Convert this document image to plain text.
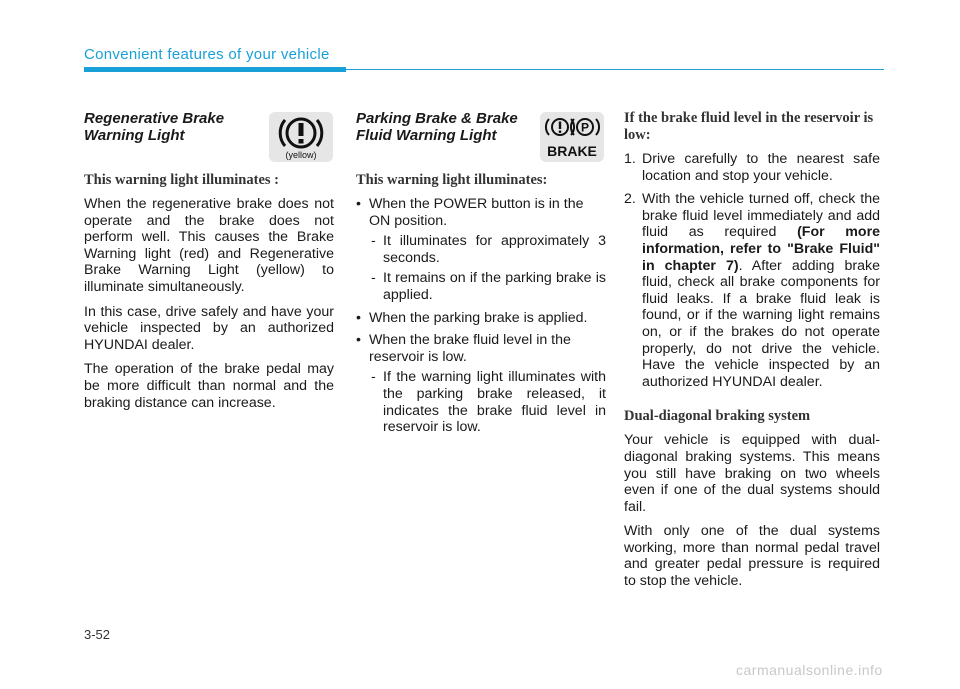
Convenient features of your vehicle
Regenerative Brake Warning Light
This warning light illuminates :

When the regenerative brake does not operate and the brake does not perform well. This causes the Brake Warning light (red) and Regenerative Brake Warning Light (yellow) to illuminate simultaneously.

In this case, drive safely and have your vehicle inspected by an authorized HYUNDAI dealer.

The operation of the brake pedal may be more difficult than normal and the braking distance can increase.

(yellow)
Parking Brake & Brake Fluid Warning Light
This warning light illuminates:
• When the POWER button is in the ON position.
- It illuminates for approximately 3 seconds.
- It remains on if the parking brake is applied.
• When the parking brake is applied.
• When the brake fluid level in the reservoir is low.
- If the warning light illuminates with the parking brake released, it indicates the brake fluid level in reservoir is low.
P
BRAKE
If the brake fluid level in the reservoir is low:
1. Drive carefully to the nearest safe location and stop your vehicle.
2. With the vehicle turned off, check the brake fluid level immediately and add fluid as required (For more information, refer to "Brake Fluid" in chapter 7). After adding brake fluid, check all brake components for fluid leaks. If a brake fluid leak is found, or if the warning light remains on, or if the brakes do not operate properly, do not drive the vehicle. Have the vehicle inspected by an authorized HYUNDAI dealer.
Dual-diagonal braking system

Your vehicle is equipped with dual-diagonal braking systems. This means you still have braking on two wheels even if one of the dual systems should fail.

With only one of the dual systems working, more than normal pedal travel and greater pedal pressure is required to stop the vehicle.

3-52
carmanualsonline.info
